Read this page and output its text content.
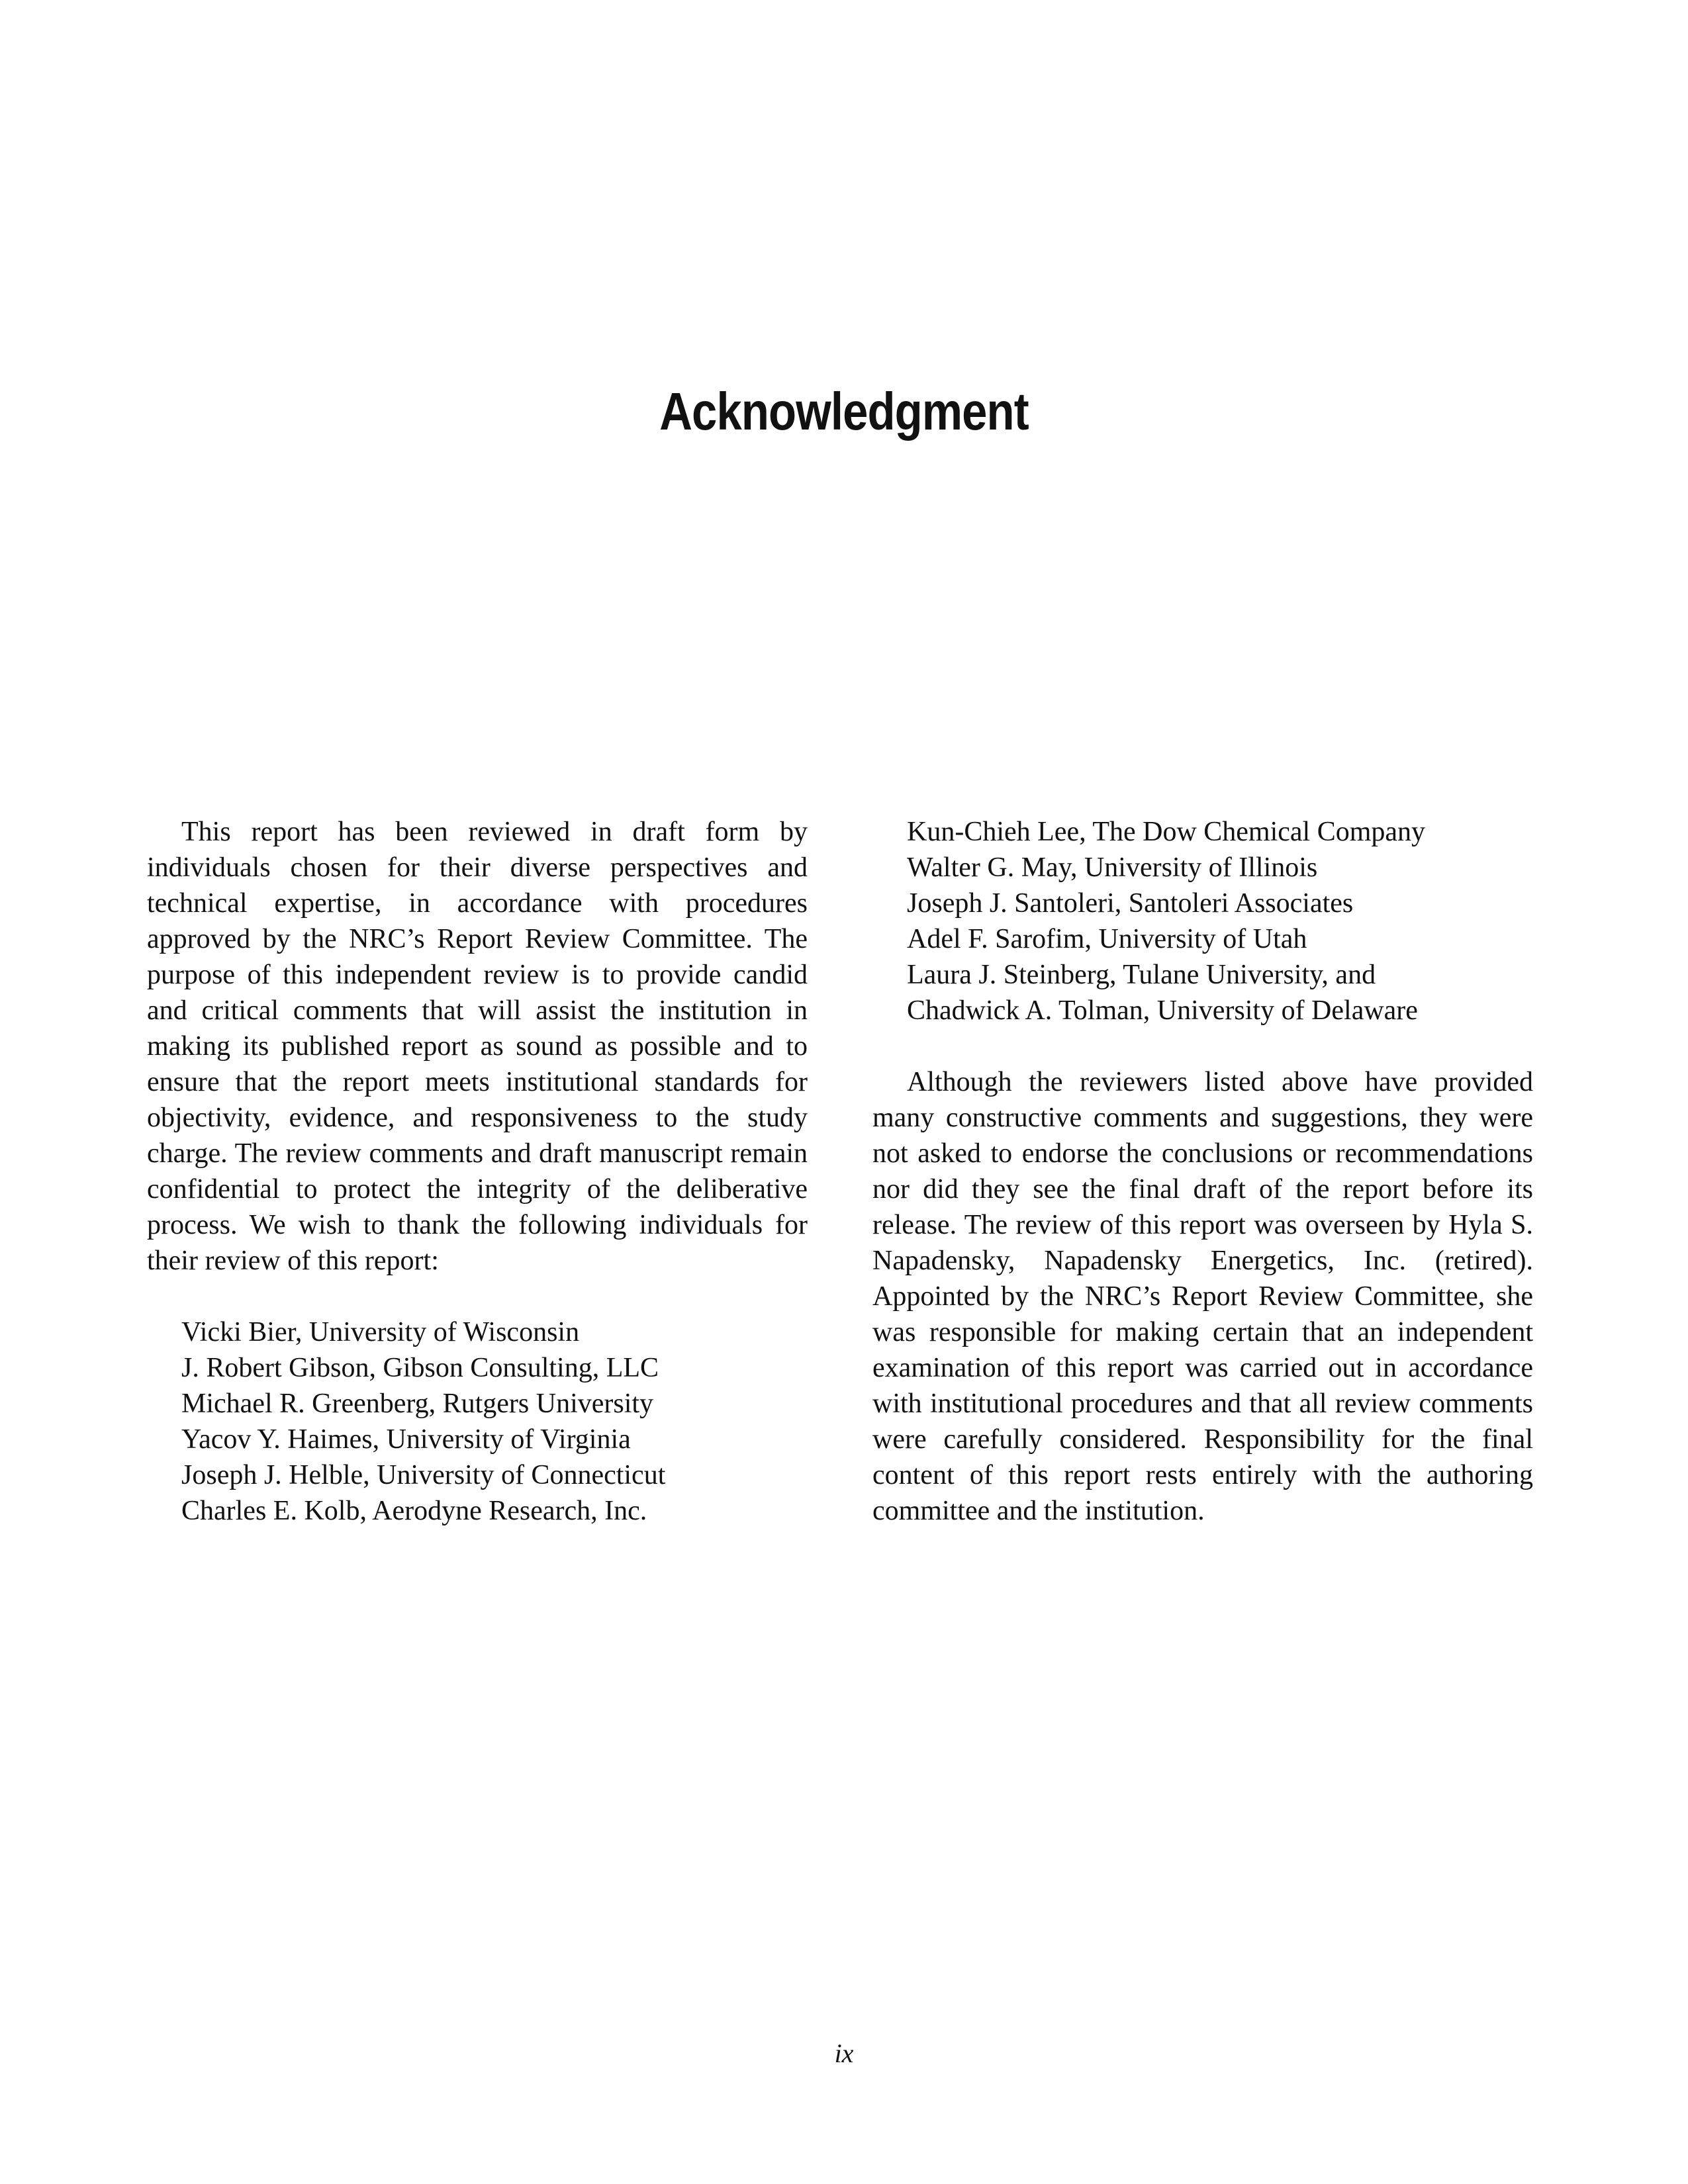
Acknowledgment

This report has been reviewed in draft form by individuals chosen for their diverse perspectives and technical expertise, in accordance with procedures approved by the NRC’s Report Review Committee. The purpose of this independent review is to provide candid and critical comments that will assist the institution in making its published report as sound as possible and to ensure that the report meets institutional standards for objectivity, evidence, and responsiveness to the study charge. The review comments and draft manuscript remain confidential to protect the integrity of the deliberative process. We wish to thank the following individuals for their review of this report:

Vicki Bier, University of Wisconsin
J. Robert Gibson, Gibson Consulting, LLC
Michael R. Greenberg, Rutgers University
Yacov Y. Haimes, University of Virginia
Joseph J. Helble, University of Connecticut
Charles E. Kolb, Aerodyne Research, Inc.
Kun-Chieh Lee, The Dow Chemical Company
Walter G. May, University of Illinois
Joseph J. Santoleri, Santoleri Associates
Adel F. Sarofim, University of Utah
Laura J. Steinberg, Tulane University, and
Chadwick A. Tolman, University of Delaware

Although the reviewers listed above have provided many constructive comments and suggestions, they were not asked to endorse the conclusions or recommendations nor did they see the final draft of the report before its release. The review of this report was overseen by Hyla S. Napadensky, Napadensky Energetics, Inc. (retired). Appointed by the NRC’s Report Review Committee, she was responsible for making certain that an independent examination of this report was carried out in accordance with institutional procedures and that all review comments were carefully considered. Responsibility for the final content of this report rests entirely with the authoring committee and the institution.

ix
